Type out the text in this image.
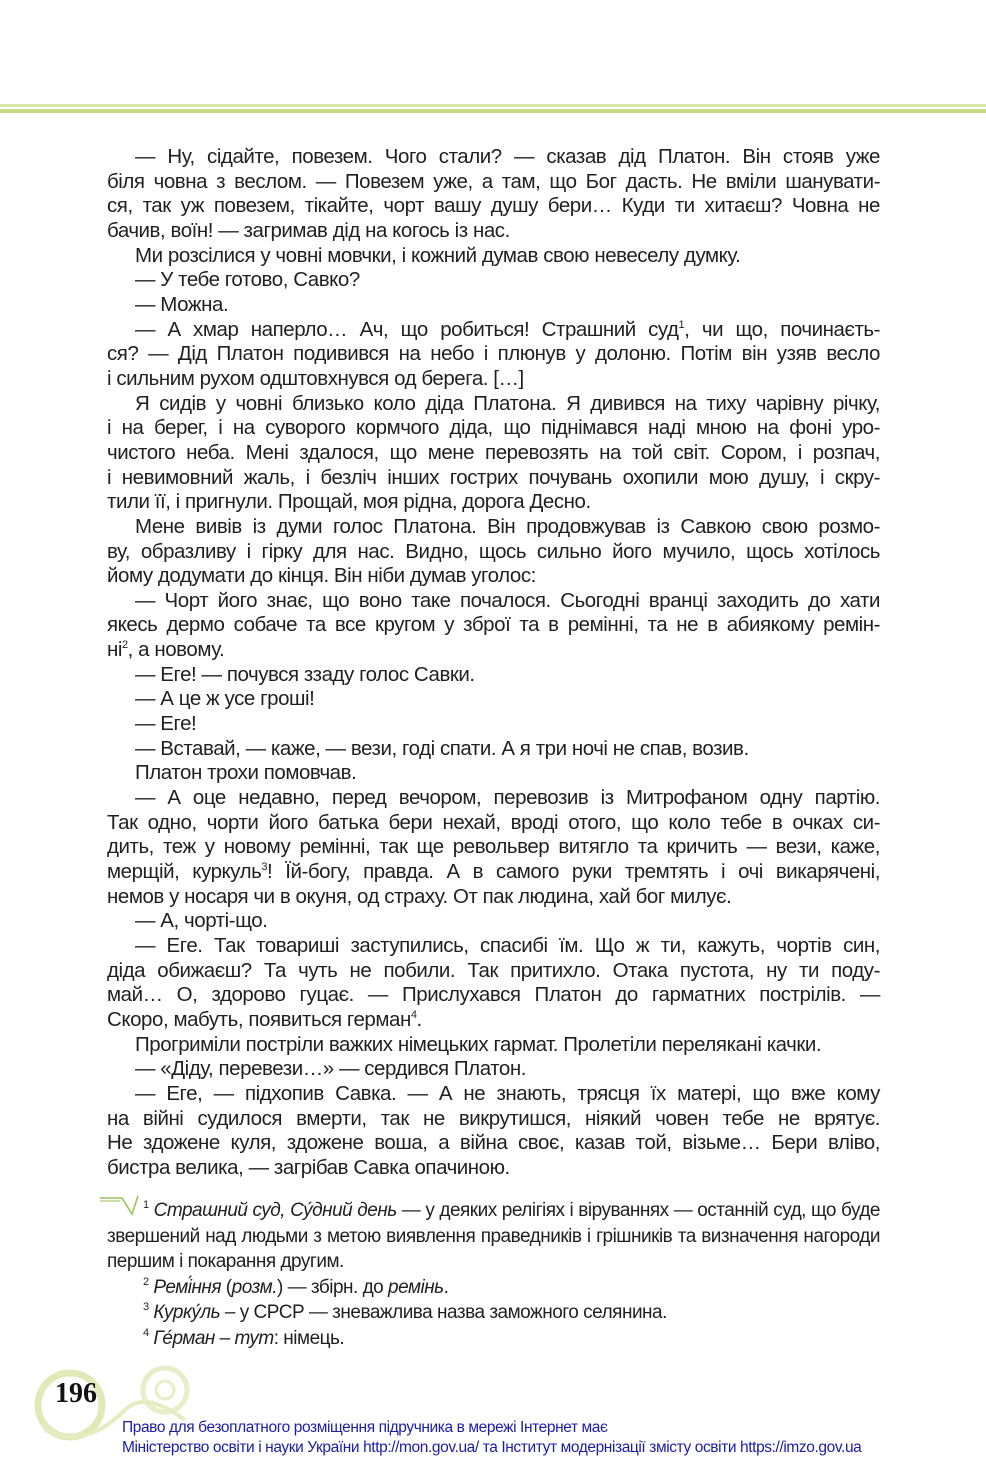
— Ну, сідайте, повезем. Чого стали? — сказав дід Платон. Він стояв уже
біля човна з веслом. — Повезем уже, а там, що Бог дасть. Не вміли шанувати-
ся, так уж повезем, тікайте, чорт вашу душу бери… Куди ти хитаєш? Човна не
бачив, воїн! — загримав дід на когось із нас.
Ми розсілися у човні мовчки, і кожний думав свою невеселу думку.
— У тебе готово, Савко?
— Можна.
— А хмар наперло… Ач, що робиться! Страшний суд$^1$, чи що, починаєть-
ся? — Дід Платон подивився на небо і плюнув у долоню. Потім він узяв весло
і сильним рухом одштовхнувся од берега. […]
Я сидів у човні близько коло діда Платона. Я дивився на тиху чарівну річку,
і на берег, і на суворого кормчого діда, що піднімався наді мною на фоні уро-
чистого неба. Мені здалося, що мене перевозять на той світ. Сором, і розпач,
і невимовний жаль, і безліч інших гострих почувань охопили мою душу, і скру-
тили її, і пригнули. Прощай, моя рідна, дорога Десно.
Мене вивів із думи голос Платона. Він продовжував із Савкою свою розмо-
ву, образливу і гірку для нас. Видно, щось сильно його мучило, щось хотілось
йому додумати до кінця. Він ніби думав уголос:
— Чорт його знає, що воно таке почалося. Сьогодні вранці заходить до хати
якесь дермо собаче та все кругом у зброї та в ремінні, та не в абиякому ремін-
$ні^2$, а новому.
— Еге! — почувся ззаду голос Савки.
— А це ж усе гроші!
— Еге!
— Вставай, — каже, — вези, годі спати. А я три ночі не спав, возив.
Платон трохи помовчав.
— А оце недавно, перед вечором, перевозив із Митрофаном одну партію.
Так одно, чорти його батька бери нехай, вроді отого, що коло тебе в очках си-
дить, теж у новому ремінні, так ще револьвер витягло та кричить — вези, каже,
мерщій, куркуль$^3$! Їй-богу, правда. А в самого руки тремтять і очі викарячені,
немов у носаря чи в окуня, од страху. От пак людина, хай бог милує.
— А, чорті-що.
— Еге. Так товариші заступились, спасибі їм. Що ж ти, кажуть, чортів син,
діда обижаєш? Та чуть не побили. Так притихло. Отака пустота, ну ти поду-
май… О, здорово гуцає. — Прислухався Платон до гарматних пострілів. —
Скоро, мабуть, появиться герман$^4$.
Прогриміли постріли важких німецьких гармат. Пролетіли перелякані качки.
— «Діду, перевези…» — сердився Платон.
— Еге, — підхопив Савка. — А не знають, трясця їх матері, що вже кому
на війні судилося вмерти, так не викрутишся, ніякий човен тебе не врятує.
Не здожене куля, здожене воша, а війна своє, казав той, візьме… Бери вліво,
бистра велика, — загрібав Савка опачиною.
$^1$ Страшний суд, Су́дний день — у деяких релігіях і віруваннях — останній суд, що буде звершений над людьми з метою виявлення праведників і грішників та визначення нагороди першим і покарання другим.
$^2$ Ремі́ння (розм.) — збірн. до ремінь.
$^3$ Курку́ль – у СРСР — зневажлива назва заможного селянина.
$^4$ Ге́рман – тут: німець.
196
Право для безоплатного розміщення підручника в мережі Інтернет має
Міністерство освіти і науки України http://mon.gov.ua/ та Інститут модернізації змісту освіти https://imzo.gov.ua
